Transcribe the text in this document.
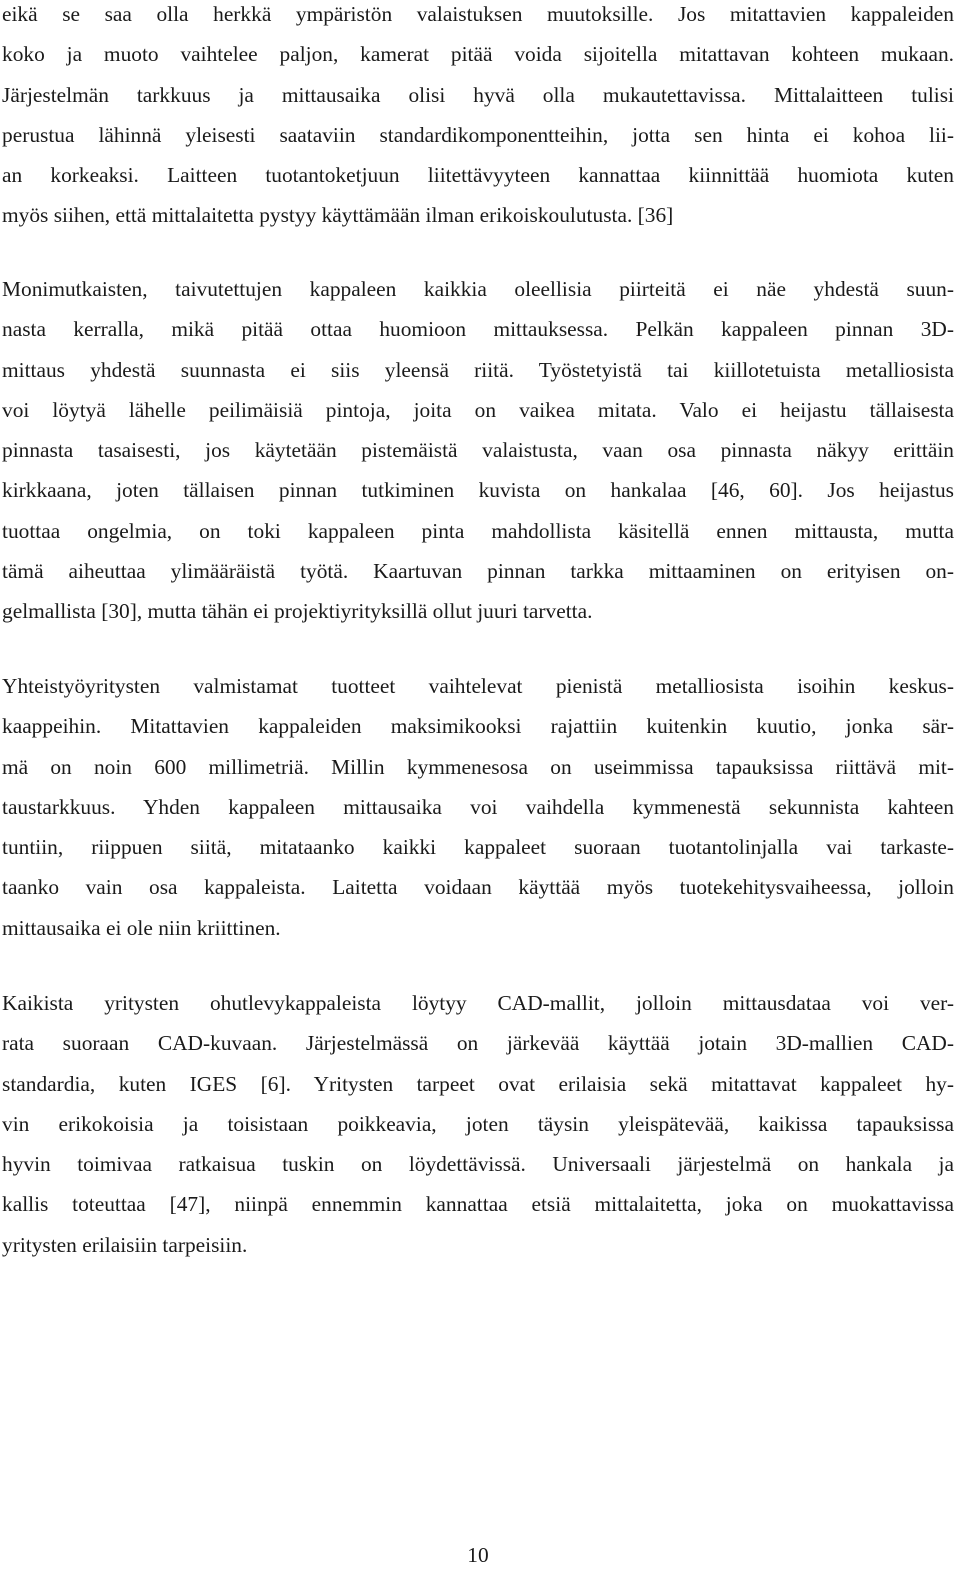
eikä se saa olla herkkä ympäristön valaistuksen muutoksille. Jos mitattavien kappaleiden
koko ja muoto vaihtelee paljon, kamerat pitää voida sijoitella mitattavan kohteen mukaan.
Järjestelmän tarkkuus ja mittausaika olisi hyvä olla mukautettavissa. Mittalaitteen tulisi
perustua lähinnä yleisesti saataviin standardikomponentteihin, jotta sen hinta ei kohoa lii-
an korkeaksi. Laitteen tuotantoketjuun liitettävyyteen kannattaa kiinnittää huomiota kuten
myös siihen, että mittalaitetta pystyy käyttämään ilman erikoiskoulutusta. [36]
Monimutkaisten, taivutettujen kappaleen kaikkia oleellisia piirteitä ei näe yhdestä suun-
nasta kerralla, mikä pitää ottaa huomioon mittauksessa. Pelkän kappaleen pinnan 3D-
mittaus yhdestä suunnasta ei siis yleensä riitä. Työstetyistä tai kiillotetuista metalliosista
voi löytyä lähelle peilimäisiä pintoja, joita on vaikea mitata. Valo ei heijastu tällaisesta
pinnasta tasaisesti, jos käytetään pistemäistä valaistusta, vaan osa pinnasta näkyy erittäin
kirkkaana, joten tällaisen pinnan tutkiminen kuvista on hankalaa [46, 60]. Jos heijastus
tuottaa ongelmia, on toki kappaleen pinta mahdollista käsitellä ennen mittausta, mutta
tämä aiheuttaa ylimääräistä työtä. Kaartuvan pinnan tarkka mittaaminen on erityisen on-
gelmallista [30], mutta tähän ei projektiyrityksillä ollut juuri tarvetta.
Yhteistyöyritysten valmistamat tuotteet vaihtelevat pienistä metalliosista isoihin keskus-
kaappeihin. Mitattavien kappaleiden maksimikooksi rajattiin kuitenkin kuutio, jonka sär-
mä on noin 600 millimetriä. Millin kymmenesosa on useimmissa tapauksissa riittävä mit-
taustarkkuus. Yhden kappaleen mittausaika voi vaihdella kymmenestä sekunnista kahteen
tuntiin, riippuen siitä, mitataanko kaikki kappaleet suoraan tuotantolinjalla vai tarkaste-
taanko vain osa kappaleista. Laitetta voidaan käyttää myös tuotekehitysvaiheessa, jolloin
mittausaika ei ole niin kriittinen.
Kaikista yritysten ohutlevykappaleista löytyy CAD-mallit, jolloin mittausdataa voi ver-
rata suoraan CAD-kuvaan. Järjestelmässä on järkevää käyttää jotain 3D-mallien CAD-
standardia, kuten IGES [6]. Yritysten tarpeet ovat erilaisia sekä mitattavat kappaleet hy-
vin erikokoisia ja toisistaan poikkeavia, joten täysin yleispätevää, kaikissa tapauksissa
hyvin toimivaa ratkaisua tuskin on löydettävissä. Universaali järjestelmä on hankala ja
kallis toteuttaa [47], niinpä ennemmin kannattaa etsiä mittalaitetta, joka on muokattavissa
yritysten erilaisiin tarpeisiin.
10
